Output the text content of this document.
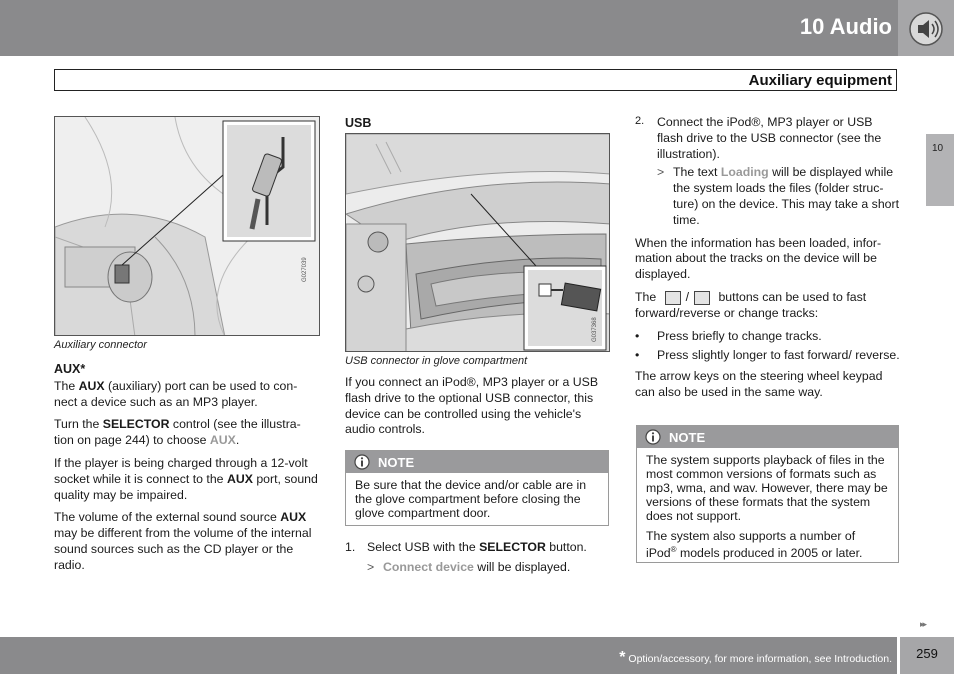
10 Audio
Auxiliary equipment
10
G027039
Auxiliary connector
AUX*

The AUX (auxiliary) port can be used to con-nect a device such as an MP3 player.

Turn the SELECTOR control (see the illustra-tion on page 244) to choose AUX.

If the player is being charged through a 12-volt socket while it is connect to the AUX port, sound quality may be impaired.

The volume of the external sound source AUX may be different from the volume of the internal sound sources such as the CD player or the radio.

USB
G037368
USB connector in glove compartment

If you connect an iPod®, MP3 player or a USB flash drive to the optional USB connector, this device can be controlled using the vehicle's audio controls.

NOTE
Be sure that the device and/or cable are in the glove compartment before closing the glove compartment door.
1. Select USB with the SELECTOR button.
> Connect device will be displayed.
2. Connect the iPod®, MP3 player or USB flash drive to the USB connector (see the illustration).
> The text Loading will be displayed while the system loads the files (folder struc-ture) on the device. This may take a short time.

When the information has been loaded, infor-mation about the tracks on the device will be displayed.

The / buttons can be used to fast forward/reverse or change tracks:

• Press briefly to change tracks.
• Press slightly longer to fast forward/ reverse.

The arrow keys on the steering wheel keypad can also be used in the same way.

NOTE

The system supports playback of files in the most common versions of formats such as mp3, wma, and wav. However, there may be versions of these formats that the system does not support.

The system also supports a number of iPod® models produced in 2005 or later.

▸▸
* Option/accessory, for more information, see Introduction.	259
